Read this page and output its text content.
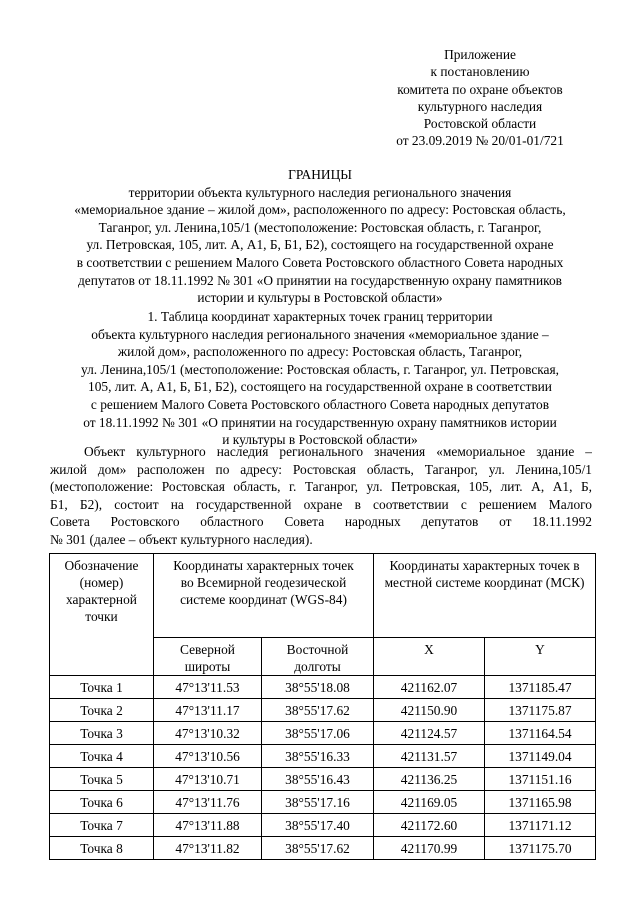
Приложение
к постановлению
комитета по охране объектов
культурного наследия
Ростовской области
от 23.09.2019 № 20/01-01/721
ГРАНИЦЫ
территории объекта культурного наследия регионального значения
«мемориальное здание – жилой дом», расположенного по адресу: Ростовская область,
Таганрог, ул. Ленина,105/1 (местоположение: Ростовская область, г. Таганрог,
ул. Петровская, 105, лит. А, А1, Б, Б1, Б2), состоящего на государственной охране
в соответствии с решением Малого Совета Ростовского областного Совета народных
депутатов от 18.11.1992 № 301 «О принятии на государственную охрану памятников
истории и культуры в Ростовской области»
1. Таблица координат характерных точек границ территории
объекта культурного наследия регионального значения «мемориальное здание –
жилой дом», расположенного по адресу: Ростовская область, Таганрог,
ул. Ленина,105/1 (местоположение: Ростовская область, г. Таганрог, ул. Петровская,
105, лит. А, А1, Б, Б1, Б2), состоящего на государственной охране в соответствии
с решением Малого Совета Ростовского областного Совета народных депутатов
от 18.11.1992 № 301 «О принятии на государственную охрану памятников истории
и культуры в Ростовской области»
Объект культурного наследия регионального значения «мемориальное здание –
жилой дом» расположен по адресу: Ростовская область, Таганрог, ул. Ленина,105/1
(местоположение: Ростовская область, г. Таганрог, ул. Петровская, 105, лит. А, А1, Б,
Б1, Б2), состоит на государственной охране в соответствии с решением Малого
Совета Ростовского областного Совета народных депутатов от 18.11.1992
№ 301 (далее – объект культурного наследия).
Обозначение (номер) характерной точки	Координаты характерных точек во Всемирной геодезической системе координат (WGS-84)		Координаты характерных точек в местной системе координат (МСК)	
	Северной широты	Восточной долготы	X	Y
Точка 1	47°13'11.53	38°55'18.08	421162.07	1371185.47
Точка 2	47°13'11.17	38°55'17.62	421150.90	1371175.87
Точка 3	47°13'10.32	38°55'17.06	421124.57	1371164.54
Точка 4	47°13'10.56	38°55'16.33	421131.57	1371149.04
Точка 5	47°13'10.71	38°55'16.43	421136.25	1371151.16
Точка 6	47°13'11.76	38°55'17.16	421169.05	1371165.98
Точка 7	47°13'11.88	38°55'17.40	421172.60	1371171.12
Точка 8	47°13'11.82	38°55'17.62	421170.99	1371175.70
